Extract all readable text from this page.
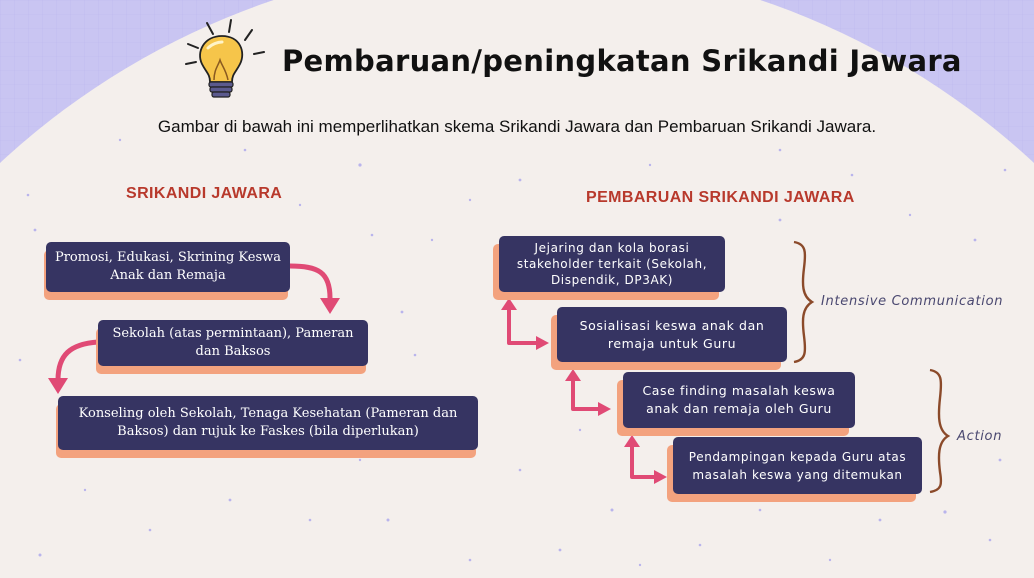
Pembaruan/peningkatan Srikandi Jawara
Gambar di bawah ini memperlihatkan skema Srikandi Jawara dan Pembaruan Srikandi Jawara.
SRIKANDI JAWARA	PEMBARUAN SRIKANDI JAWARA
Promosi, Edukasi, Skrining Keswa Anak dan Remaja
Sekolah (atas permintaan), Pameran dan Baksos
Konseling oleh Sekolah, Tenaga Kesehatan (Pameran dan Baksos) dan rujuk ke Faskes (bila diperlukan)
Jejaring dan kola borasi stakeholder terkait (Sekolah, Dispendik, DP3AK)
Sosialisasi keswa anak dan remaja untuk Guru
Case finding masalah keswa anak dan remaja oleh Guru
Pendampingan kepada Guru atas masalah keswa yang ditemukan
Intensive Communication
Action
